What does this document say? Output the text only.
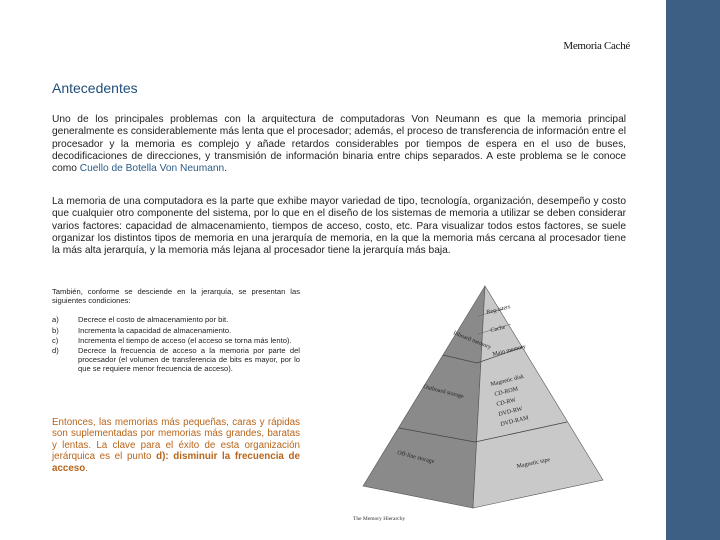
Memoria Caché
Antecedentes
Uno de los principales problemas con la arquitectura de computadoras Von Neumann es que la memoria principal generalmente es considerablemente más lenta que el procesador; además, el proceso de transferencia de información entre el procesador y la memoria es complejo y añade retardos considerables por tiempos de espera en el uso de buses, decodificaciones de direcciones, y transmisión de información binaria entre chips separados. A este problema se le conoce como Cuello de Botella Von Neumann.
La memoria de una computadora es la parte que exhibe mayor variedad de tipo, tecnología, organización, desempeño y costo que cualquier otro componente del sistema, por lo que en el diseño de los sistemas de memoria a utilizar se deben considerar varios factores: capacidad de almacenamiento, tiempos de acceso, costo, etc. Para visualizar todos estos factores, se suele organizar los distintos tipos de memoria en una jerarquía de memoria, en la que la memoria más cercana al procesador tiene la más alta jerarquía, y la memoria más lejana al procesador tiene la jerarquía más baja.
También, conforme se desciende en la jerarquía, se presentan las siguientes condiciones:
a)	Decrece el costo de almacenamiento por bit.
b)	Incrementa la capacidad de almacenamiento.
c)	Incrementa el tiempo de acceso (el acceso se torna más lento).
d)	Decrece la frecuencia de acceso a la memoria por parte del procesador (el volumen de transferencia de bits es mayor, por lo que se requiere menor frecuencia de acceso).
Entonces, las memorias más pequeñas, caras y rápidas son suplementadas por memorias más grandes, baratas y lentas. La clave para el éxito de esta organización jerárquica es el punto d): disminuir la frecuencia de acceso.
Inboard memory
Outboard storage
Off-line storage
Reg-isters
Cache
Main memory
Magnetic disk
CD-ROM
CD-RW
DVD-RW
DVD-RAM
Magnetic tape
The Memory Hierarchy
